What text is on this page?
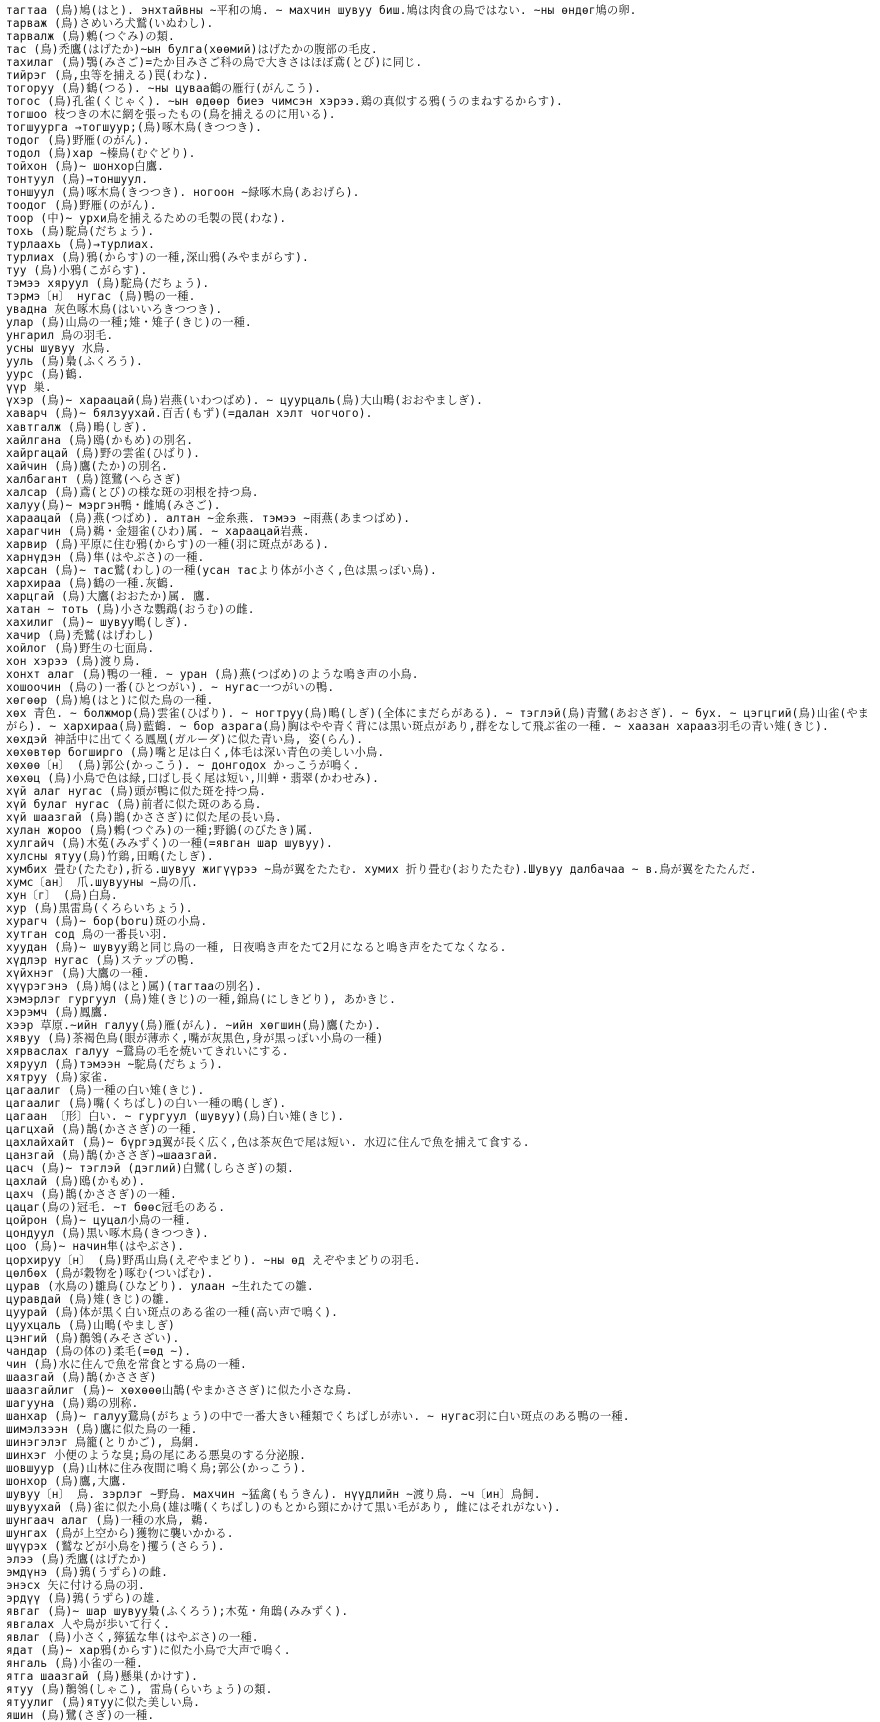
тагтаа (鳥)鳩(はと). энхтайвны ~平和の鳩. ~ махчин шувуу биш.鳩は肉食の鳥ではない. ~ны өндөг鳩の卵.

тарваж (鳥)さめいろ犬鷲(いぬわし).

тарвалж (鳥)鶫(つぐみ)の類.

тас (鳥)禿鷹(はげたか)~ын булга(хөөмий)はげたかの腹部の毛皮.

тахилаг (鳥)鶚(みさご)=たか目みさご科の鳥で大きさはほぼ鳶(とび)に同じ.

тийрэг (鳥,虫等を捕える)罠(わな).

тогоруу (鳥)鶴(つる). ~ны цуваа鶴の雁行(がんこう).

тогос (鳥)孔雀(くじゃく). ~ын өдөөр биеэ чимсэн хэрээ.鶏の真似する鴉(うのまねするからす).

тогшоо 枝つきの木に網を張ったもの(鳥を捕えるのに用いる).

тогшуурга →тогшуур;(鳥)啄木鳥(きつつき).

тодог (鳥)野雁(のがん).

тодол (鳥)хар ~榛鳥(むぐどり).

тойхон (鳥)~ шонхор白鷹.

тонтуул (鳥)→тоншуул.

тоншуул (鳥)啄木鳥(きつつき). ногоон ~緑啄木鳥(あおげら).

тоодог (鳥)野雁(のがん).

тоор (中)~ урхи鳥を捕えるための毛製の罠(わな).

тохь (鳥)駝鳥(だちょう).

турлаахь (鳥)→турлиах.

турлиах (鳥)鴉(からす)の一種,深山鴉(みやまがらす).

туу (鳥)小鴉(こがらす).

тэмээ хяруул (鳥)駝鳥(だちょう).

тэрмэ〔н〕 нугас (鳥)鴨の一種.

увадна 灰色啄木鳥(はいいろきつつき).

улар (鳥)山鳥の一種;雉・雉子(きじ)の一種.

унгарил 鳥の羽毛.

усны шувуу 水鳥.

ууль (鳥)梟(ふくろう).

уурс (鳥)鶴.

үүр 巣.

үхэр (鳥)~ хараацай(鳥)岩燕(いわつばめ). ~ цуурцаль(鳥)大山鴫(おおやましぎ).

хаварч (鳥)~ бялзуухай.百舌(もず)(=далан хэлт чогчого).

хавтгалж (鳥)鴫(しぎ).

хайлгана (鳥)鴎(かもめ)の別名.

хайргацай (鳥)野の雲雀(ひばり).

хайчин (鳥)鷹(たか)の別名.

халбагант (鳥)箆鷺(へらさぎ)

халсар (鳥)鳶(とび)の様な斑の羽根を持つ鳥.

халуу(鳥)~ мэргэн鴨・雌鳩(みさご).

хараацай (鳥)燕(つばめ). алтан ~金糸燕. тэмээ ~雨燕(あまつばめ).

харагчин (鳥)鵜・金翅雀(ひわ)属. ~ хараацай岩燕.

харвир (鳥)平原に住む鴉(からす)の一種(羽に斑点がある).

харнүдэн (鳥)隼(はやぶさ)の一種.

харсан (鳥)~ тас鷲(わし)の一種(усан тасより体が小さく,色は黒っぽい鳥).

хархираа (鳥)鶴の一種.灰鶴.

харцгай (鳥)大鷹(おおたか)属. 鷹.

хатан ~ тоть (鳥)小さな鸚鵡(おうむ)の雌.

хахилиг (鳥)~ шувуу鴫(しぎ).

хачир (鳥)禿鷲(はげわし)

хойлог (鳥)野生の七面鳥.

хон хэрээ (鳥)渡り鳥.

хонхт алаг (鳥)鴨の一種. ~ уран (鳥)燕(つばめ)のような鳴き声の小鳥.

хошоочин (鳥の)一番(ひとつがい). ~ нугас一つがいの鴨.

хөгөөр (鳥)鳩(はと)に似た鳥の一種.

хөх 青色. ~ болжмор(鳥)雲雀(ひばり). ~ ногтруу(鳥)鴫(しぎ)(全体にまだらがある). ~ тэглэй(鳥)青鷺(あおさぎ). ~ бух. ~ цэгцгий(鳥)山雀(やまがら). ~ хархираа(鳥)藍鶴. ~ бор азрага(鳥)胸はやや青く背には黒い斑点があり,群をなして飛ぶ雀の一種. ~ хаазан харааз羽毛の青い雉(きじ).

хөхдэй 神話中に出てくる鳳凰(ガルーダ)に似た青い鳥, 姿(らん).

хөхөвтөр богширго (鳥)嘴と足は白く,体毛は深い青色の美しい小鳥.

хөхөө〔н〕 (鳥)郭公(かっこう). ~ донгодох かっこうが鳴く.

хөхөц (鳥)小鳥で色は緑,口ばし長く尾は短い,川蝉・翡翠(かわせみ).

хүй алаг нугас (鳥)頭が鴨に似た斑を持つ鳥.

хүй булаг нугас (鳥)前者に似た斑のある鳥.

хүй шаазгай (鳥)鵲(かささぎ)に似た尾の長い鳥.

хулан жороо (鳥)鶫(つぐみ)の一種;野鶲(のびたき)属.

хулгайч (鳥)木菟(みみずく)の一種(=явган шар шувуу).

хулсны ятуу(鳥)竹鶏,田鴫(たしぎ).

хумбих 畳む(たたむ),折る.шувуу жигүүрээ ~鳥が翼をたたむ. хумих 折り畳む(おりたたむ).Шувуу далбачаа ~ в.鳥が翼をたたんだ.

хумс〔ан〕 爪.шувууны ~鳥の爪.

хун〔г〕 (鳥)白鳥.

хур (鳥)黒雷鳥(くろらいちょう).

хурагч (鳥)~ бор(boru)斑の小鳥.

хутган сод 鳥の一番長い羽.

хуудан (鳥)~ шувуу鶏と同じ鳥の一種, 日夜鳴き声をたて2月になると鳴き声をたてなくなる.

хүдлэр нугас (鳥)ステップの鴨.

хүйхнэг (鳥)大鷹の一種.

хүүрэгэнэ (鳥)鳩(はと)属)(тагтааの別名).

хэмэрлэг гургуул (鳥)雉(きじ)の一種,錦鳥(にしきどり), あかきじ.

хэрэмч (鳥)鳳鷹.

хээр 草原.~ийн галуу(鳥)雁(がん). ~ийн хөгшин(鳥)鷹(たか).

хявуу (鳥)茶褐色鳥(眼が薄赤く,嘴が灰黒色,身が黒っぽい小鳥の一種)

хярваслах галуу ~鵞鳥の毛を焼いてきれいにする.

хяруул (鳥)тэмээн ~駝鳥(だちょう).

хятруу (鳥)家雀.

цагаалиг (鳥)一種の白い雉(きじ).

цагаалиг (鳥)嘴(くちばし)の白い一種の鴫(しぎ).

цагаан 〔形〕白い. ~ гургуул (шувуу)(鳥)白い雉(きじ).

цагцхай (鳥)鵲(かささぎ)の一種.

цахлайхайт (鳥)~ бүргэд翼が長く広く,色は茶灰色で尾は短い. 水辺に住んで魚を捕えて食する.

цанзгай (鳥)鵲(かささぎ)→шаазгай.

цасч (鳥)~ тэглэй (дэглий)白鷺(しらさぎ)の類.

цахлай (鳥)鴎(かもめ).

цахч (鳥)鵲(かささぎ)の一種.

цацаг(鳥の)冠毛. ~т бөөс冠毛のある.

цойрон (鳥)~ цуцал小鳥の一種.

цондуул (鳥)黒い啄木鳥(きつつき).

цоо (鳥)~ начин隼(はやぶさ).

цорхируу〔н〕 (鳥)野禹山鳥(えぞやまどり). ~ны өд えぞやまどりの羽毛.

цөлбөх (鳥が穀物を)啄む(ついばむ).

цурав (水鳥の)雛鳥(ひなどり). улаан ~生れたての雛.

цуравдай (鳥)雉(きじ)の雛.

цуурай (鳥)体が黒く白い斑点のある雀の一種(高い声で鳴く).

цуухцаль (鳥)山鴫(やましぎ)

цэнгий (鳥)鶺鴒(みそさざい).

чандар (鳥の体の)柔毛(=өд ~).

чин (鳥)水に住んで魚を常食とする鳥の一種.

шаазгай (鳥)鵲(かささぎ)

шаазгайлиг (鳥)~ хөхөөө山鵲(やまかささぎ)に似た小さな鳥.

шагууна (鳥)鶏の別称.

шанхар (鳥)~ галуу鵞鳥(がちょう)の中で一番大きい種類でくちばしが赤い. ~ нугас羽に白い斑点のある鴨の一種.

шимэлзээн (鳥)鷹に似た鳥の一種.

шинэгэлэг 鳥籠(とりかご), 鳥網.

шинхэг 小便のような臭;鳥の尾にある悪臭のする分泌腺.

шовшуур (鳥)山林に住み夜間に鳴く鳥;郭公(かっこう).

шонхор (鳥)鷹,大鷹.

шувуу〔н〕 鳥. зэрлэг ~野鳥. махчин ~猛禽(もうきん). нүүдлийн ~渡り鳥. ~ч〔ин〕鳥飼.

шувуухай (鳥)雀に似た小鳥(雄は嘴(くちばし)のもとから頸にかけて黒い毛があり, 雌にはそれがない).

шунгаач алаг (鳥)一種の水鳥, 鵜.

шунгах (鳥が上空から)獲物に襲いかかる.

шүүрэх (鷲などが小鳥を)攫う(さらう).

элээ (鳥)禿鷹(はげたか)

эмдүнэ (鳥)鶉(うずら)の雌.

энэсх 矢に付ける鳥の羽.

эрдүү (鳥)鶉(うずら)の雄.

явгаг (鳥)~ шар шувуу梟(ふくろう);木菟・角鴟(みみずく).

явгалах 人や鳥が歩いて行く.

явлаг (鳥)小さく,獰猛な隼(はやぶさ)の一種.

ядат (鳥)~ хар鴉(からす)に似た小鳥で大声で鳴く.

янгаль (鳥)小雀の一種.

ятга шаазгай (鳥)懸巣(かけす).

ятуу (鳥)鶺鴒(しゃこ), 雷鳥(らいちょう)の類.

ятуулиг (鳥)ятууに似た美しい鳥.

яшин (鳥)鷺(さぎ)の一種.
